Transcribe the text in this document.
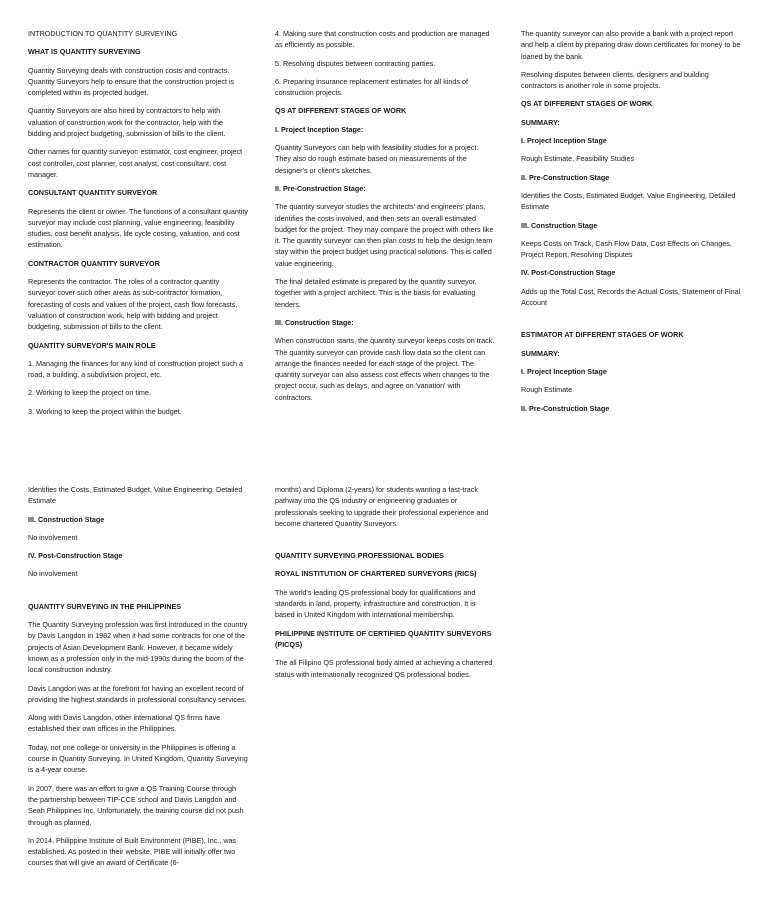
INTRODUCTION TO QUANTITY SURVEYING
WHAT IS QUANTITY SURVEYING

Quantity Surveying deals with construction costs and contracts. Quantity Surveyors help to ensure that the construction project is completed within its projected budget.

Quantity Surveyors are also hired by contractors to help with valuation of construction work for the contractor, help with the bidding and project budgeting, submission of bills to the client.

Other names for quantity surveyor: estimator, cost engineer, project cost controller, cost planner, cost analyst, cost consultant, cost manager.

CONSULTANT QUANTITY SURVEYOR

Represents the client or owner. The functions of a consultant quantity surveyor may include cost planning, value engineering, feasibility studies, cost benefit analysis, life cycle costing, valuation, and cost estimation.

CONTRACTOR QUANTITY SURVEYOR

Represents the contractor. The roles of a contractor quantity surveyor cover such other areas as sub-contractor formation, forecasting of costs and values of the project, cash flow forecasts, valuation of construction work, help with bidding and project budgeting, submission of bills to the client.

QUANTITY SURVEYOR'S MAIN ROLE

1. Managing the finances for any kind of construction project such a road, a building, a subdivision project, etc.

2. Working to keep the project on time.

3. Working to keep the project within the budget.

4. Making sure that construction costs and production are managed as efficiently as possible.

5. Resolving disputes between contracting parties.

6. Preparing insurance replacement estimates for all kinds of construction projects.

QS AT DIFFERENT STAGES OF WORK
I. Project Inception Stage:

Quantity Surveyors can help with feasibility studies for a project. They also do rough estimate based on measurements of the designer's or client's sketches.

II. Pre-Construction Stage:

The quantity surveyor studies the architects' and engineers' plans, identifies the costs involved, and then sets an overall estimated budget for the project. They may compare the project with others like it. The quantity surveyor can then plan costs to help the design team stay within the project budget using practical solutions. This is called value engineering.

The final detailed estimate is prepared by the quantity surveyor, together with a project architect. This is the basis for evaluating tenders.

III. Construction Stage:

When construction starts, the quantity surveyor keeps costs on track. The quantity surveyor can provide cash flow data so the client can arrange the finances needed for each stage of the project. The quantity surveyor can also assess cost effects when changes to the project occur, such as delays, and agree on 'variation' with contractors.

The quantity surveyor can also provide a bank with a project report and help a client by preparing draw down certificates for money to be loaned by the bank.

Resolving disputes between clients, designers and building contractors is another role in some projects.

QS AT DIFFERENT STAGES OF WORK
SUMMARY:
I. Project Inception Stage

Rough Estimate, Feasibility Studies

II. Pre-Construction Stage

Identifies the Costs, Estimated Budget, Value Engineering, Detailed Estimate

III. Construction Stage

Keeps Costs on Track, Cash Flow Data, Cost Effects on Changes, Project Report, Resolving Disputes

IV. Post-Construction Stage

Adds up the Total Cost, Records the Actual Costs, Statement of Final Account

ESTIMATOR AT DIFFERENT STAGES OF WORK
SUMMARY:
I. Project Inception Stage

Rough Estimate

II. Pre-Construction Stage

Identifies the Costs, Estimated Budget, Value Engineering, Detailed Estimate

III. Construction Stage

No involvement

IV. Post-Construction Stage

No involvement

QUANTITY SURVEYING IN THE PHILIPPINES

The Quantity Surveying profession was first introduced in the country by Davis Langdon in 1982 when it had some contracts for one of the projects of Asian Development Bank. However, it became widely known as a profession only in the mid-1990s during the boom of the local construction industry.

Davis Langdon was at the forefront for having an excellent record of providing the highest standards in professional consultancy services.

Along with Davis Langdon, other international QS firms have established their own offices in the Philippines.

Today, not one college or university in the Philippines is offering a course in Quantity Surveying. In United Kingdom, Quantity Surveying is a 4-year course.

In 2007, there was an effort to give a QS Training Course through the partnership between TIP-CCE school and Davis Langdon and Seah Philippines Inc. Unfortunately, the training course did not push through as planned.

In 2014, Philippine Institute of Built Environment (PIBE), Inc., was established. As posted in their website, PIBE will initially offer two courses that will give an award of Certificate (6-

months) and Diploma (2-years) for students wanting a fast-track pathway into the QS industry or engineering graduates or professionals seeking to upgrade their professional experience and become chartered Quantity Surveyors.

QUANTITY SURVEYING PROFESSIONAL BODIES
ROYAL INSTITUTION OF CHARTERED SURVEYORS (RICS)

The world's leading QS professional body for qualifications and standards in land, property, infrastructure and construction. It is based in United Kingdom with international membership.

PHILIPPINE INSTITUTE OF CERTIFIED QUANTITY SURVEYORS (PICQS)

The all Filipino QS professional body aimed at achieving a chartered status with internationally recognized QS professional bodies.
